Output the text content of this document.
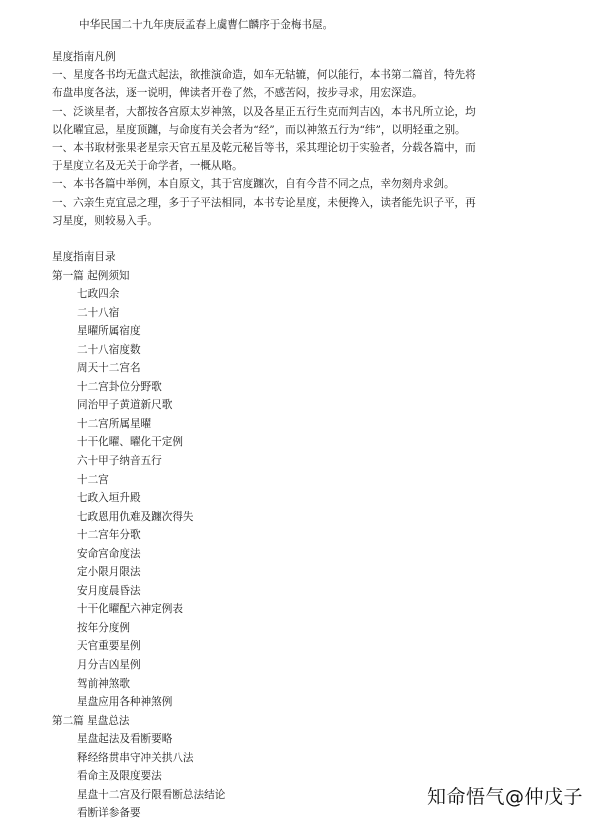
中华民国二十九年庚辰孟春上虞曹仁麟序于金梅书屋。
星度指南凡例
一、星度各书均无盘式起法，欲推演命造，如车无轱辘，何以能行，本书第二篇首，特先将
布盘串度各法，逐一说明，俾读者开卷了然，不感苦闷，按步寻求，用宏深造。
一、泛谈星者，大都按各宫原太岁神煞，以及各星正五行生克而判吉凶，本书凡所立论，均
以化曜宜忌，星度顶躔，与命度有关会者为“经”，而以神煞五行为“纬”，以明轻重之别。
一、本书取材张果老星宗天官五星及乾元秘旨等书，采其理论切于实验者，分载各篇中，而
于星度立名及无关于命学者，一概从略。
一、本书各篇中举例，本自原文，其于宫度躔次，自有今昔不同之点，幸勿刻舟求剑。
一、六亲生克宜忌之理，多于子平法相同，本书专论星度，未便搀入，读者能先识子平，再
习星度，则较易入手。
星度指南目录
第一篇 起例须知
七政四余
二十八宿
星曜所属宿度
二十八宿度数
周天十二宫名
十二宫卦位分野歌
同治甲子黄道新尺歌
十二宫所属星曜
十干化曜、曜化干定例
六十甲子纳音五行
十二宫
七政入垣升殿
七政恩用仇难及躔次得失
十二宫年分歌
安命宫命度法
定小限月限法
安月度晨昏法
十干化曜配六神定例表
按年分度例
天官重要星例
月分吉凶星例
驾前神煞歌
星盘应用各种神煞例
第二篇 星盘总法
星盘起法及看断要略
释经络贯串守冲关拱八法
看命主及限度要法
星盘十二宫及行限看断总法结论
看断详参备要
知命悟气@仲戊子
